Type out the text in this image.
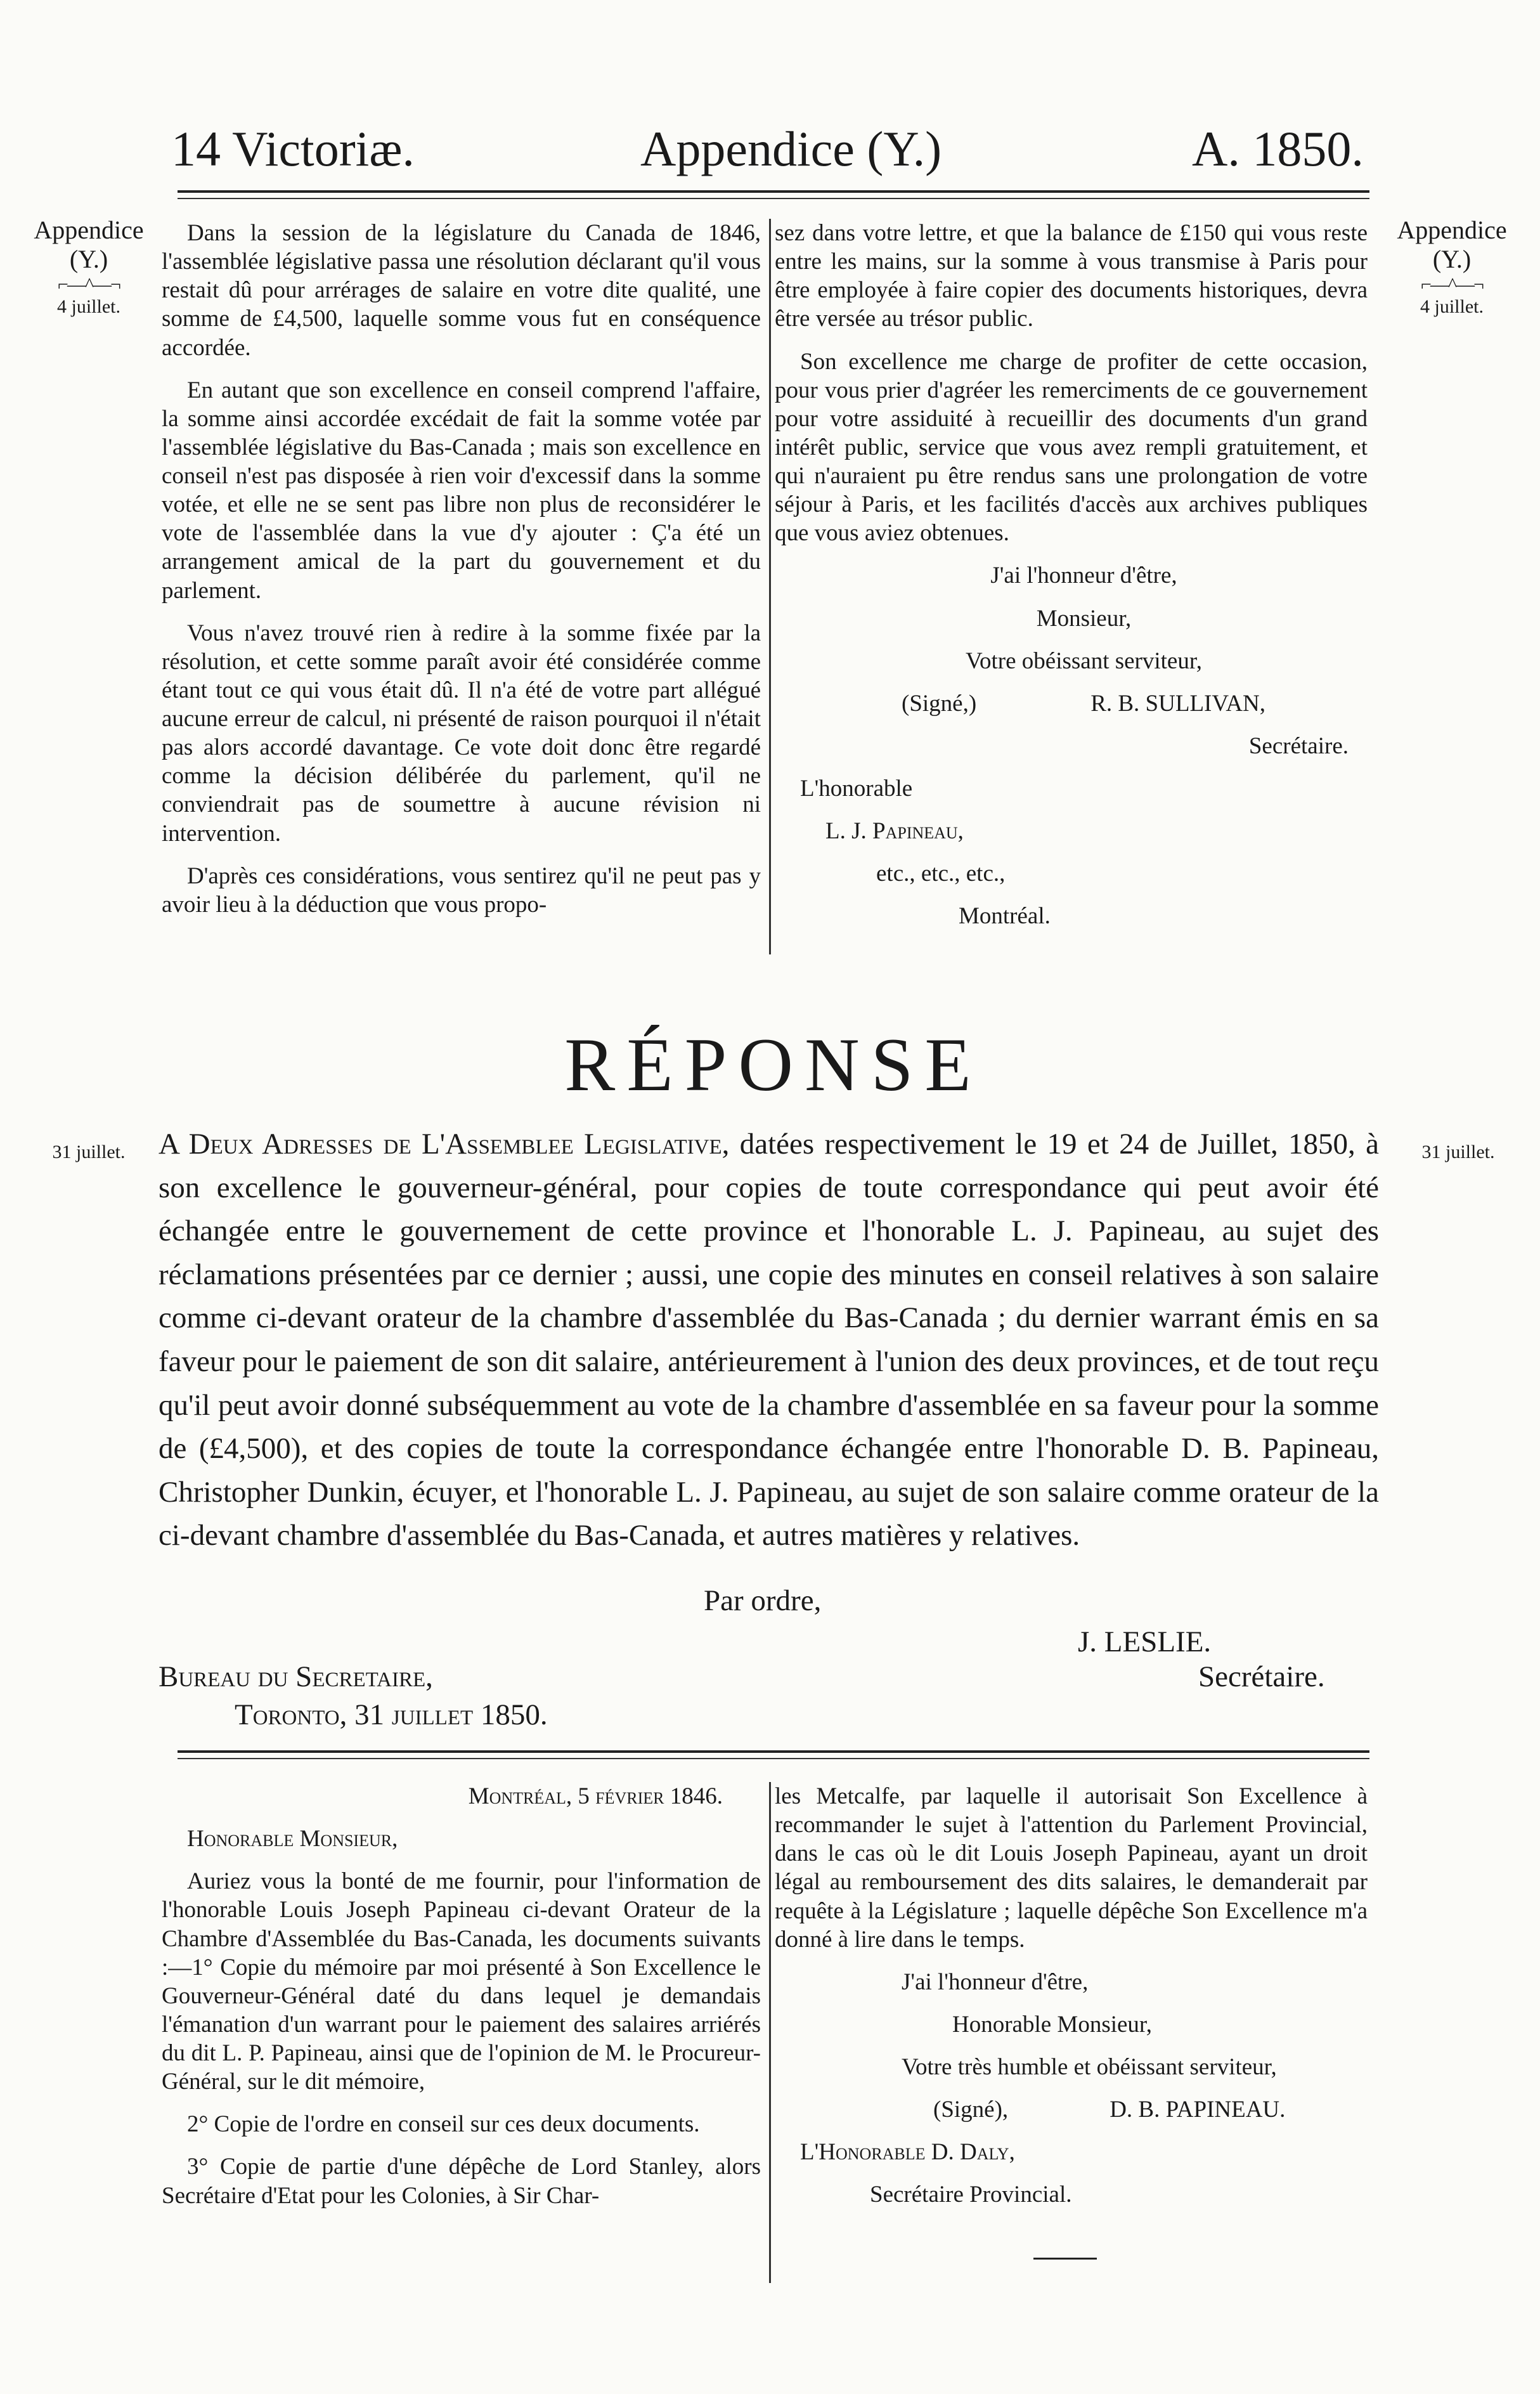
14 Victoriæ.	Appendice (Y.)	A. 1850.
Appendice
(Y.)
⌐—^—¬
4 juillet.
Appendice
(Y.)
⌐—^—¬
4 juillet.

Dans la session de la législature du Canada de 1846, l'assemblée législative passa une résolution déclarant qu'il vous restait dû pour arrérages de salaire en votre dite qualité, une somme de £4,500, laquelle somme vous fut en conséquence accordée.

En autant que son excellence en conseil comprend l'affaire, la somme ainsi accordée excédait de fait la somme votée par l'assemblée législative du Bas-Canada ; mais son excellence en conseil n'est pas disposée à rien voir d'excessif dans la somme votée, et elle ne se sent pas libre non plus de reconsidérer le vote de l'assemblée dans la vue d'y ajouter : Ç'a été un arrangement amical de la part du gouvernement et du parlement.

Vous n'avez trouvé rien à redire à la somme fixée par la résolution, et cette somme paraît avoir été considérée comme étant tout ce qui vous était dû. Il n'a été de votre part allégué aucune erreur de calcul, ni présenté de raison pourquoi il n'était pas alors accordé davantage. Ce vote doit donc être regardé comme la décision délibérée du parlement, qu'il ne conviendrait pas de soumettre à aucune révision ni intervention.

D'après ces considérations, vous sentirez qu'il ne peut pas y avoir lieu à la déduction que vous propo-

sez dans votre lettre, et que la balance de £150 qui vous reste entre les mains, sur la somme à vous transmise à Paris pour être employée à faire copier des documents historiques, devra être versée au trésor public.

Son excellence me charge de profiter de cette occasion, pour vous prier d'agréer les remerciments de ce gouvernement pour votre assiduité à recueillir des documents d'un grand intérêt public, service que vous avez rempli gratuitement, et qui n'auraient pu être rendus sans une prolongation de votre séjour à Paris, et les facilités d'accès aux archives publiques que vous aviez obtenues.

J'ai l'honneur d'être,

Monsieur,

Votre obéissant serviteur,

(Signé,)	R. B. SULLIVAN,

Secrétaire.

L'honorable

L. J. Papineau,

etc., etc., etc.,

Montréal.

RÉPONSE
31 juillet.	31 juillet.
A Deux Adresses de L'Assemblee Legislative, datées respectivement le 19 et 24 de Juillet, 1850, à son excellence le gouverneur-général, pour copies de toute correspondance qui peut avoir été échangée entre le gouvernement de cette province et l'honorable L. J. Papineau, au sujet des réclamations présentées par ce dernier ; aussi, une copie des minutes en conseil relatives à son salaire comme ci-devant orateur de la chambre d'assemblée du Bas-Canada ; du dernier warrant émis en sa faveur pour le paiement de son dit salaire, antérieurement à l'union des deux provinces, et de tout reçu qu'il peut avoir donné subséquemment au vote de la chambre d'assemblée en sa faveur pour la somme de (£4,500), et des copies de toute la correspondance échangée entre l'honorable D. B. Papineau, Christopher Dunkin, écuyer, et l'honorable L. J. Papineau, au sujet de son salaire comme orateur de la ci-devant chambre d'assemblée du Bas-Canada, et autres matières y relatives.
Par ordre,
J. LESLIE.
Bureau du Secretaire,	Secrétaire.
Toronto, 31 juillet 1850.

Montréal, 5 février 1846.

Honorable Monsieur,

Auriez vous la bonté de me fournir, pour l'information de l'honorable Louis Joseph Papineau ci-devant Orateur de la Chambre d'Assemblée du Bas-Canada, les documents suivants :—1° Copie du mémoire par moi présenté à Son Excellence le Gouverneur-Général daté du dans lequel je demandais l'émanation d'un warrant pour le paiement des salaires arriérés du dit L. P. Papineau, ainsi que de l'opinion de M. le Procureur-Général, sur le dit mémoire,

2° Copie de l'ordre en conseil sur ces deux documents.

3° Copie de partie d'une dépêche de Lord Stanley, alors Secrétaire d'Etat pour les Colonies, à Sir Char-

les Metcalfe, par laquelle il autorisait Son Excellence à recommander le sujet à l'attention du Parlement Provincial, dans le cas où le dit Louis Joseph Papineau, ayant un droit légal au remboursement des dits salaires, le demanderait par requête à la Législature ; laquelle dépêche Son Excellence m'a donné à lire dans le temps.

J'ai l'honneur d'être,

Honorable Monsieur,

Votre très humble et obéissant serviteur,

(Signé),	D. B. PAPINEAU.

L'Honorable D. Daly,

Secrétaire Provincial.
